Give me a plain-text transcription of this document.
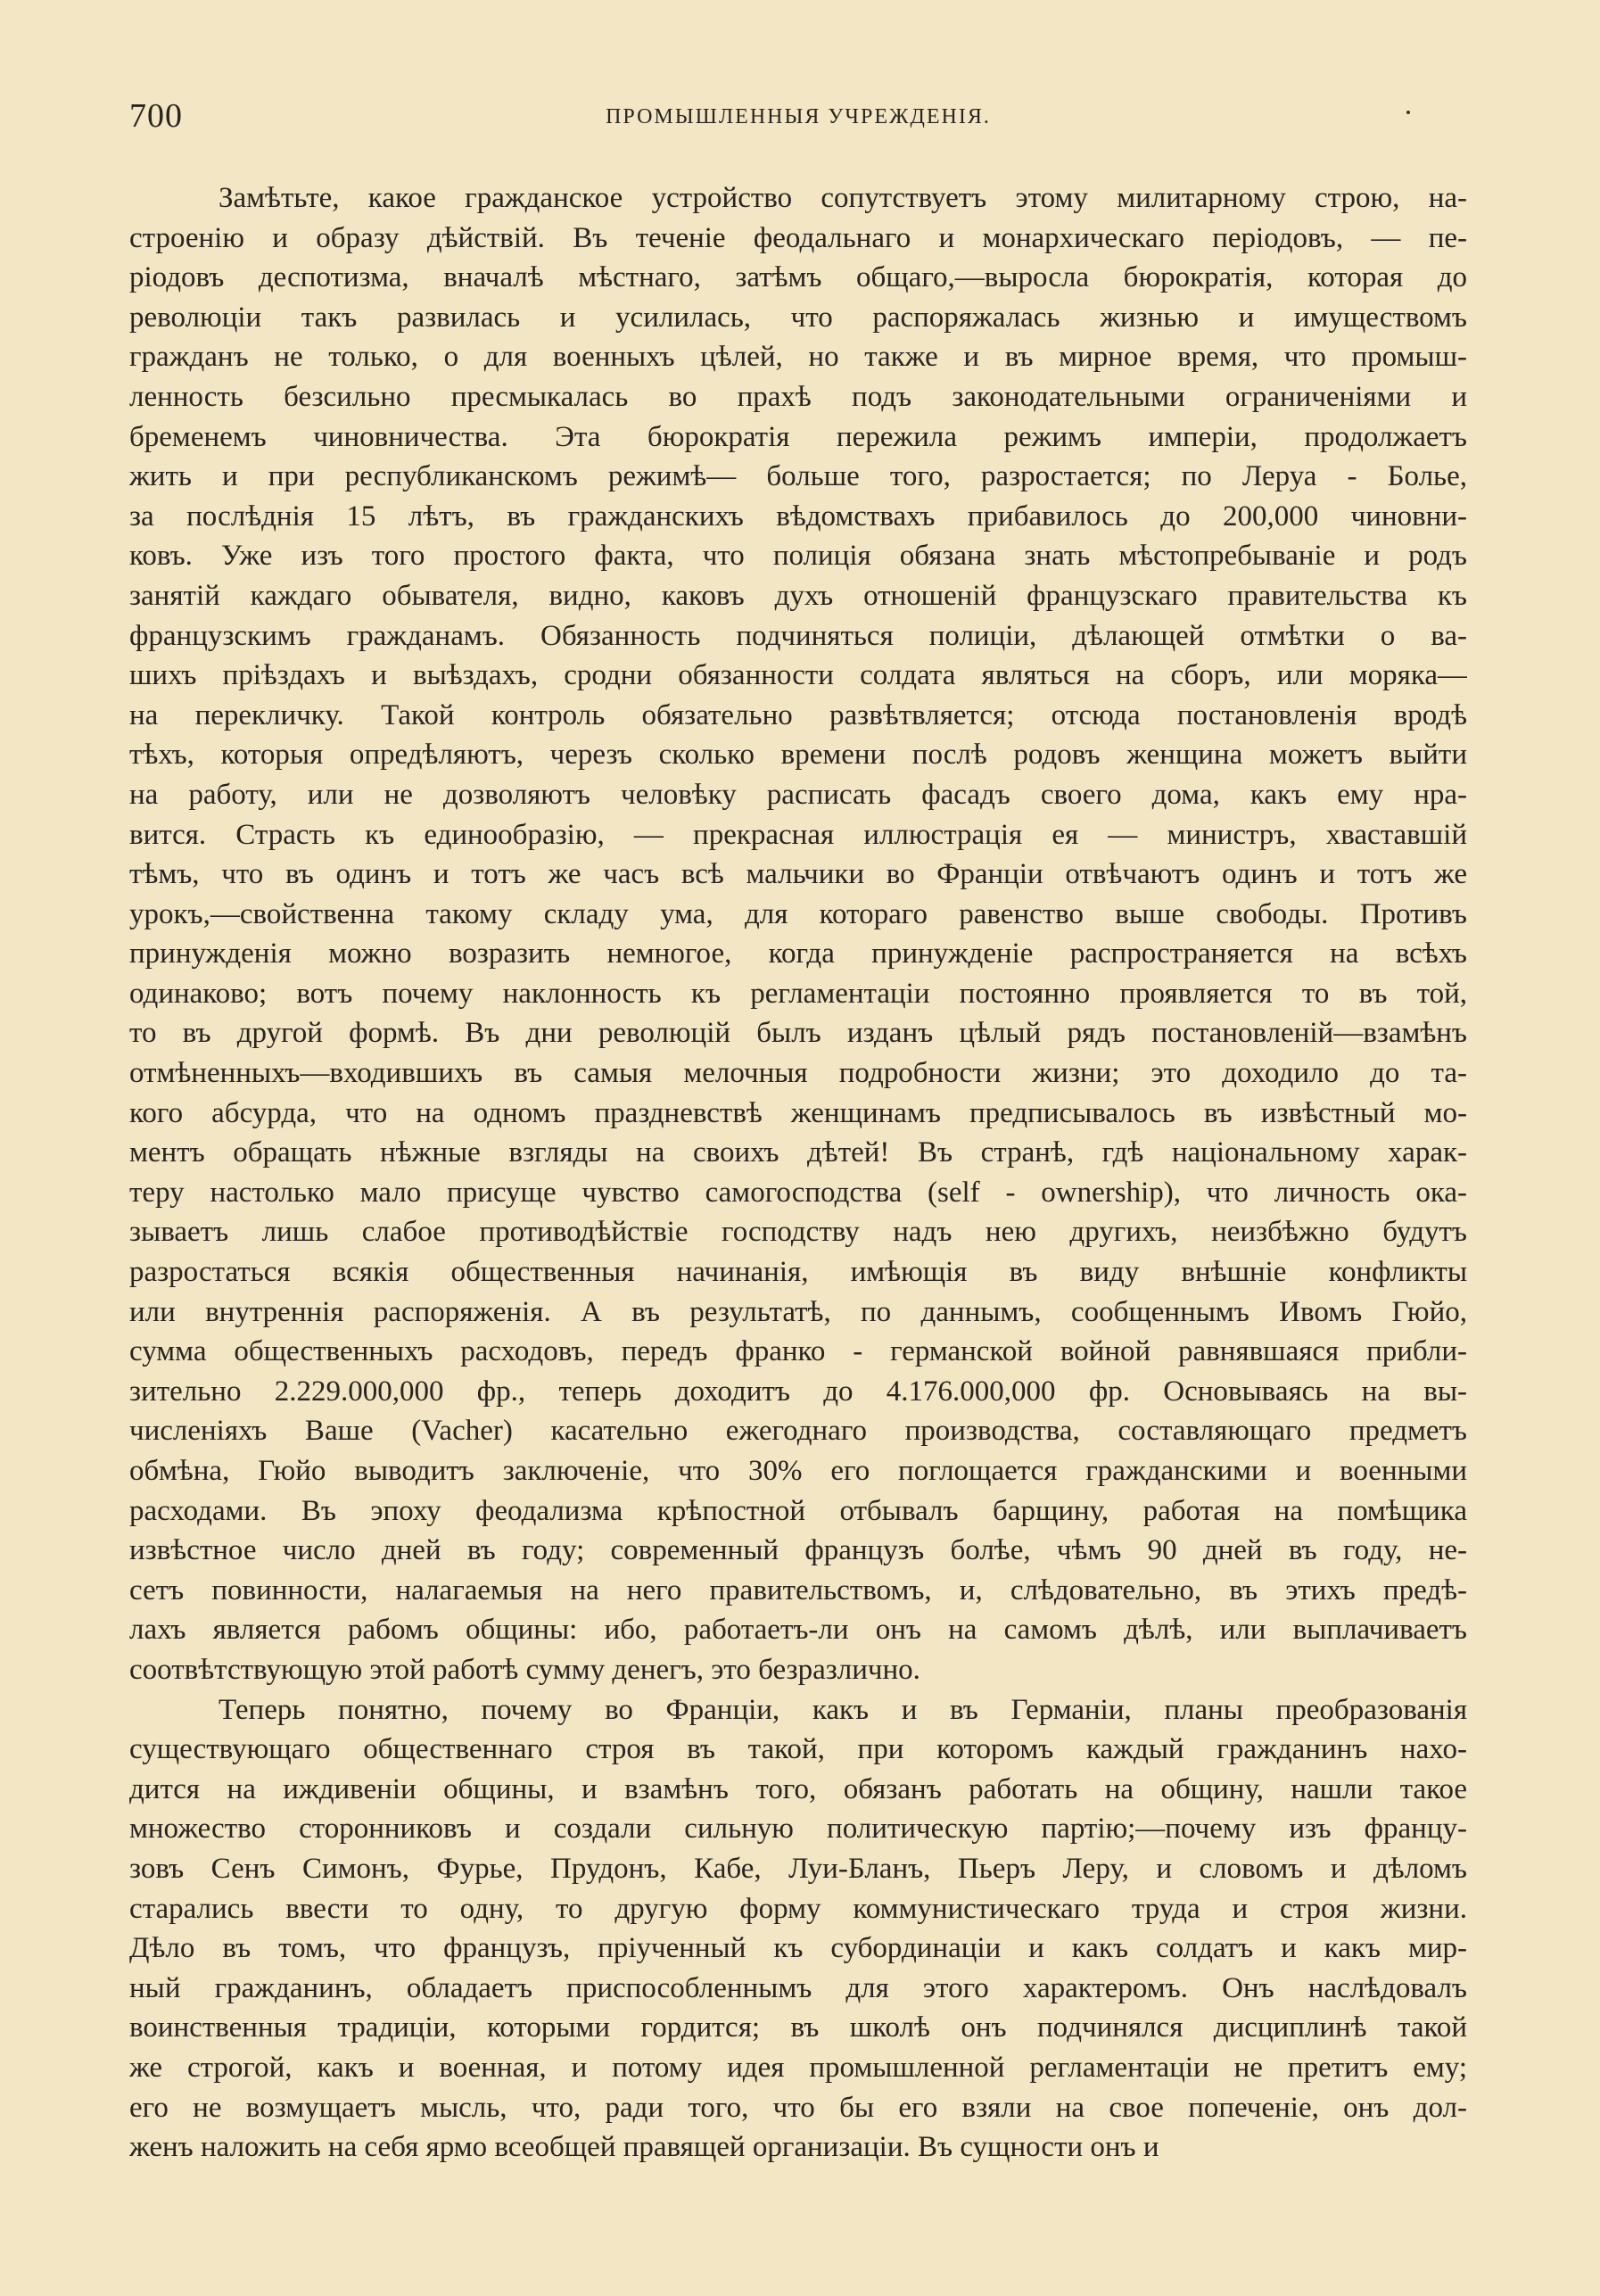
700	ПРОМЫШЛЕННЫЯ УЧРЕЖДЕНІЯ.
Замѣтьте, какое гражданское устройство сопутствуетъ этому милитарному строю, на-
строенію и образу дѣйствій. Въ теченіе феодальнаго и монархическаго періодовъ, — пе-
ріодовъ деспотизма, вначалѣ мѣстнаго, затѣмъ общаго,—выросла бюрократія, которая до
революціи такъ развилась и усилилась, что распоряжалась жизнью и имуществомъ
гражданъ не только, о для военныхъ цѣлей, но также и въ мирное время, что промыш-
ленность безсильно пресмыкалась во прахѣ подъ законодательными ограниченіями и
бременемъ чиновничества. Эта бюрократія пережила режимъ имперіи, продолжаетъ
жить и при республиканскомъ режимѣ— больше того, разростается; по Леруа - Болье,
за послѣднія 15 лѣтъ, въ гражданскихъ вѣдомствахъ прибавилось до 200,000 чиновни-
ковъ. Уже изъ того простого факта, что полиція обязана знать мѣстопребываніе и родъ
занятій каждаго обывателя, видно, каковъ духъ отношеній французскаго правительства къ
французскимъ гражданамъ. Обязанность подчиняться полиціи, дѣлающей отмѣтки о ва-
шихъ пріѣздахъ и выѣздахъ, сродни обязанности солдата являться на сборъ, или моряка—
на перекличку. Такой контроль обязательно развѣтвляется; отсюда постановленія вродѣ
тѣхъ, которыя опредѣляютъ, черезъ сколько времени послѣ родовъ женщина можетъ выйти
на работу, или не дозволяютъ человѣку расписать фасадъ своего дома, какъ ему нра-
вится. Страсть къ единообразію, — прекрасная иллюстрація ея — министръ, хваставшій
тѣмъ, что въ одинъ и тотъ же часъ всѣ мальчики во Франціи отвѣчаютъ одинъ и тотъ же
урокъ,—свойственна такому складу ума, для котораго равенство выше свободы. Противъ
принужденія можно возразить немногое, когда принужденіе распространяется на всѣхъ
одинаково; вотъ почему наклонность къ регламентаціи постоянно проявляется то въ той,
то въ другой формѣ. Въ дни революцій былъ изданъ цѣлый рядъ постановленій—взамѣнъ
отмѣненныхъ—входившихъ въ самыя мелочныя подробности жизни; это доходило до та-
кого абсурда, что на одномъ праздневствѣ женщинамъ предписывалось въ извѣстный мо-
ментъ обращать нѣжные взгляды на своихъ дѣтей! Въ странѣ, гдѣ національному харак-
теру настолько мало присуще чувство самогосподства (self - ownership), что личность ока-
зываетъ лишь слабое противодѣйствіе господству надъ нею другихъ, неизбѣжно будутъ
разростаться всякія общественныя начинанія, имѣющія въ виду внѣшніе конфликты
или внутреннія распоряженія. А въ результатѣ, по даннымъ, сообщеннымъ Ивомъ Гюйо,
сумма общественныхъ расходовъ, передъ франко - германской войной равнявшаяся прибли-
зительно 2.229.000,000 фр., теперь доходитъ до 4.176.000,000 фр. Основываясь на вы-
численіяхъ Ваше (Vacher) касательно ежегоднаго производства, составляющаго предметъ
обмѣна, Гюйо выводитъ заключеніе, что 30% его поглощается гражданскими и военными
расходами. Въ эпоху феодализма крѣпостной отбывалъ барщину, работая на помѣщика
извѣстное число дней въ году; современный французъ болѣе, чѣмъ 90 дней въ году, не-
сетъ повинности, налагаемыя на него правительствомъ, и, слѣдовательно, въ этихъ предѣ-
лахъ является рабомъ общины: ибо, работаетъ-ли онъ на самомъ дѣлѣ, или выплачиваетъ
соотвѣтствующую этой работѣ сумму денегъ, это безразлично.
Теперь понятно, почему во Франціи, какъ и въ Германіи, планы преобразованія
существующаго общественнаго строя въ такой, при которомъ каждый гражданинъ нахо-
дится на иждивеніи общины, и взамѣнъ того, обязанъ работать на общину, нашли такое
множество сторонниковъ и создали сильную политическую партію;—почему изъ францу-
зовъ Сенъ Симонъ, Фурье, Прудонъ, Кабе, Луи-Бланъ, Пьеръ Леру, и словомъ и дѣломъ
старались ввести то одну, то другую форму коммунистическаго труда и строя жизни.
Дѣло въ томъ, что французъ, пріученный къ субординаціи и какъ солдатъ и какъ мир-
ный гражданинъ, обладаетъ приспособленнымъ для этого характеромъ. Онъ наслѣдовалъ
воинственныя традиціи, которыми гордится; въ школѣ онъ подчинялся дисциплинѣ такой
же строгой, какъ и военная, и потому идея промышленной регламентаціи не претитъ ему;
его не возмущаетъ мысль, что, ради того, что бы его взяли на свое попеченіе, онъ дол-
женъ наложить на себя ярмо всеобщей правящей организаціи. Въ сущности онъ и
